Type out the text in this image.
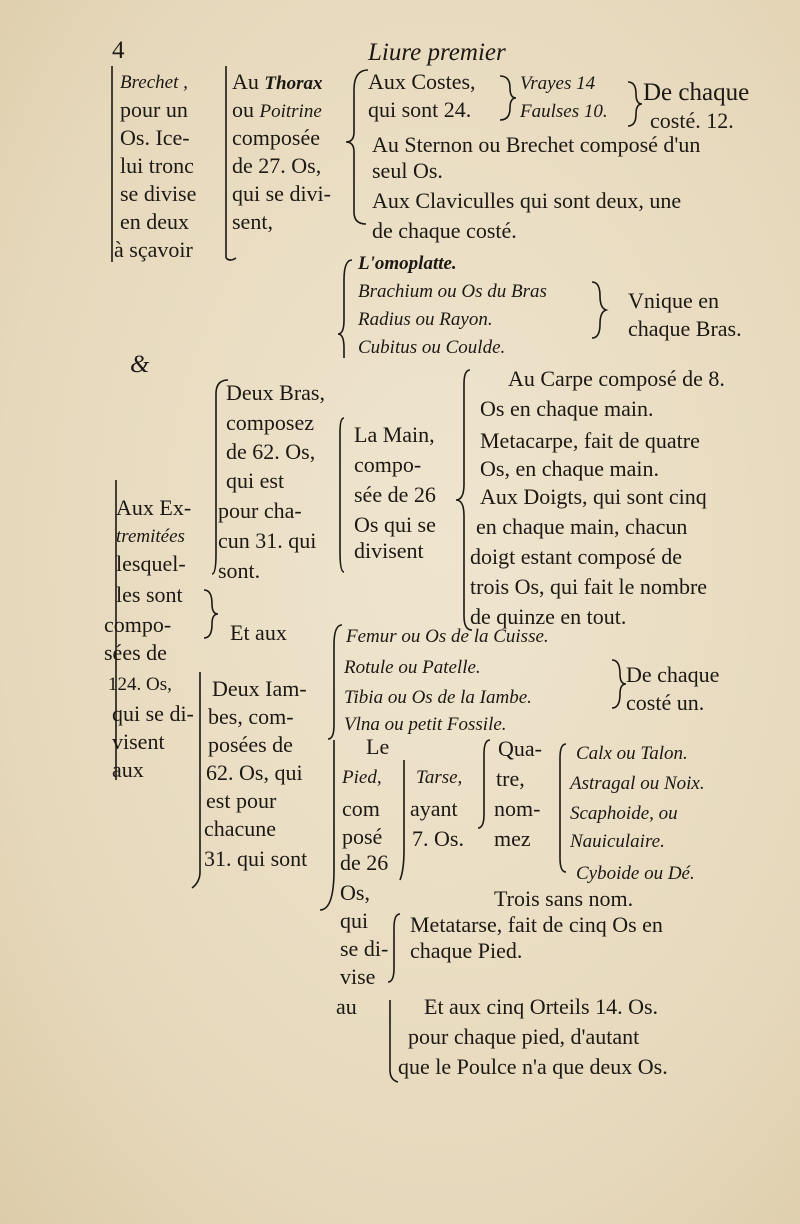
4	Liure premier
Brechet ,
pour un
Os. Ice-
lui tronc
se divise
en deux
à sçavoir
&
Aux Ex-
tremitées
lesquel-
les sont
compo-
sées de
124. Os,
qui se di-
visent
aux
Au Thorax
ou Poitrine
composée
de 27. Os,
qui se divi-
sent,
Aux Costes,
qui sont 24.
Vrayes 14
Faulses 10.
De chaque
costé. 12.
Au Sternon ou Brechet composé d'un
seul Os.
Aux Claviculles qui sont deux, une
de chaque costé.
L'omoplatte.
Brachium ou Os du Bras
Radius ou Rayon.
Cubitus ou Coulde.
Vnique en
chaque Bras.
Deux Bras,
composez
de 62. Os,
qui est
pour cha-
cun 31. qui
sont.
La Main,
compo-
sée de 26
Os qui se
divisent
Au Carpe composé de 8.
Os en chaque main.
Metacarpe, fait de quatre
Os, en chaque main.
Aux Doigts, qui sont cinq
en chaque main, chacun
doigt estant composé de
trois Os, qui fait le nombre
de quinze en tout.
Et aux	Femur ou Os de la Cuisse.
Rotule ou Patelle.
Tibia ou Os de la Iambe.
Vlna ou petit Fossile.
De chaque
costé un.
Deux Iam-
bes, com-
posées de
62. Os, qui
est pour
chacune
31. qui sont
Le
Pied,
com
posé
de 26
Os,
qui
se di-
vise
au
Tarse,
ayant
7. Os.
Qua-
tre,
nom-
mez
Calx ou Talon.
Astragal ou Noix.
Scaphoide, ou
Nauiculaire.
Cyboide ou Dé.
Trois sans nom.
Metatarse, fait de cinq Os en
chaque Pied.
Et aux cinq Orteils 14. Os.
pour chaque pied, d'autant
que le Poulce n'a que deux Os.
